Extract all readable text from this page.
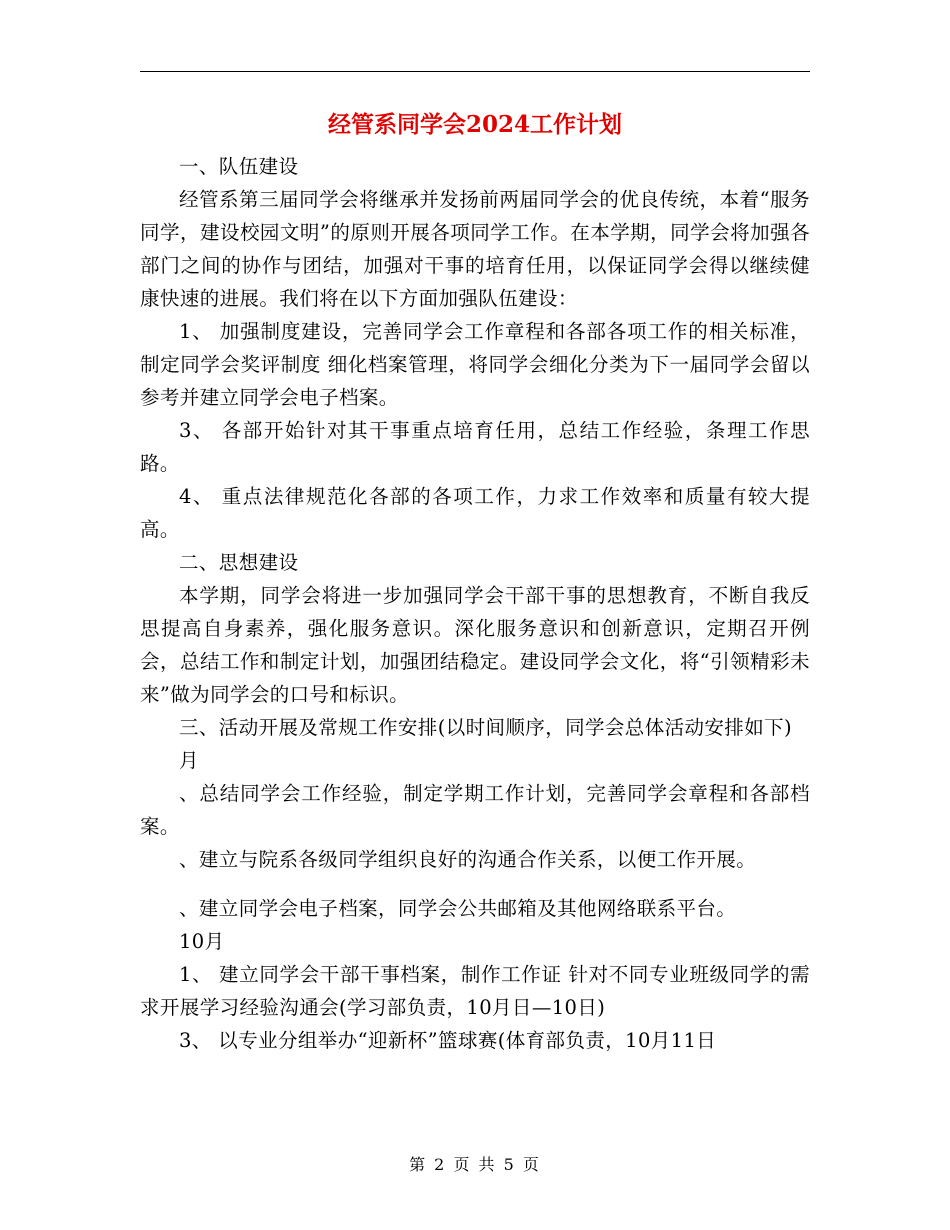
经管系同学会2024工作计划

一、队伍建设

经管系第三届同学会将继承并发扬前两届同学会的优良传统，本着“服务同学，建设校园文明”的原则开展各项同学工作。在本学期，同学会将加强各部门之间的协作与团结，加强对干事的培育任用，以保证同学会得以继续健康快速的进展。我们将在以下方面加强队伍建设：

1、 加强制度建设，完善同学会工作章程和各部各项工作的相关标准，制定同学会奖评制度 细化档案管理，将同学会细化分类为下一届同学会留以参考并建立同学会电子档案。

3、 各部开始针对其干事重点培育任用，总结工作经验，条理工作思路。

4、 重点法律规范化各部的各项工作，力求工作效率和质量有较大提高。

二、思想建设

本学期，同学会将进一步加强同学会干部干事的思想教育，不断自我反思提高自身素养，强化服务意识。深化服务意识和创新意识，定期召开例会，总结工作和制定计划，加强团结稳定。建设同学会文化，将“引领精彩未来”做为同学会的口号和标识。

三、活动开展及常规工作安排(以时间顺序，同学会总体活动安排如下)

月

、总结同学会工作经验，制定学期工作计划，完善同学会章程和各部档案。

、建立与院系各级同学组织良好的沟通合作关系，以便工作开展。

、建立同学会电子档案，同学会公共邮箱及其他网络联系平台。

10月

1、 建立同学会干部干事档案，制作工作证 针对不同专业班级同学的需求开展学习经验沟通会(学习部负责，10月日—10日)

3、 以专业分组举办“迎新杯”篮球赛(体育部负责，10月11日

第 2 页 共 5 页
